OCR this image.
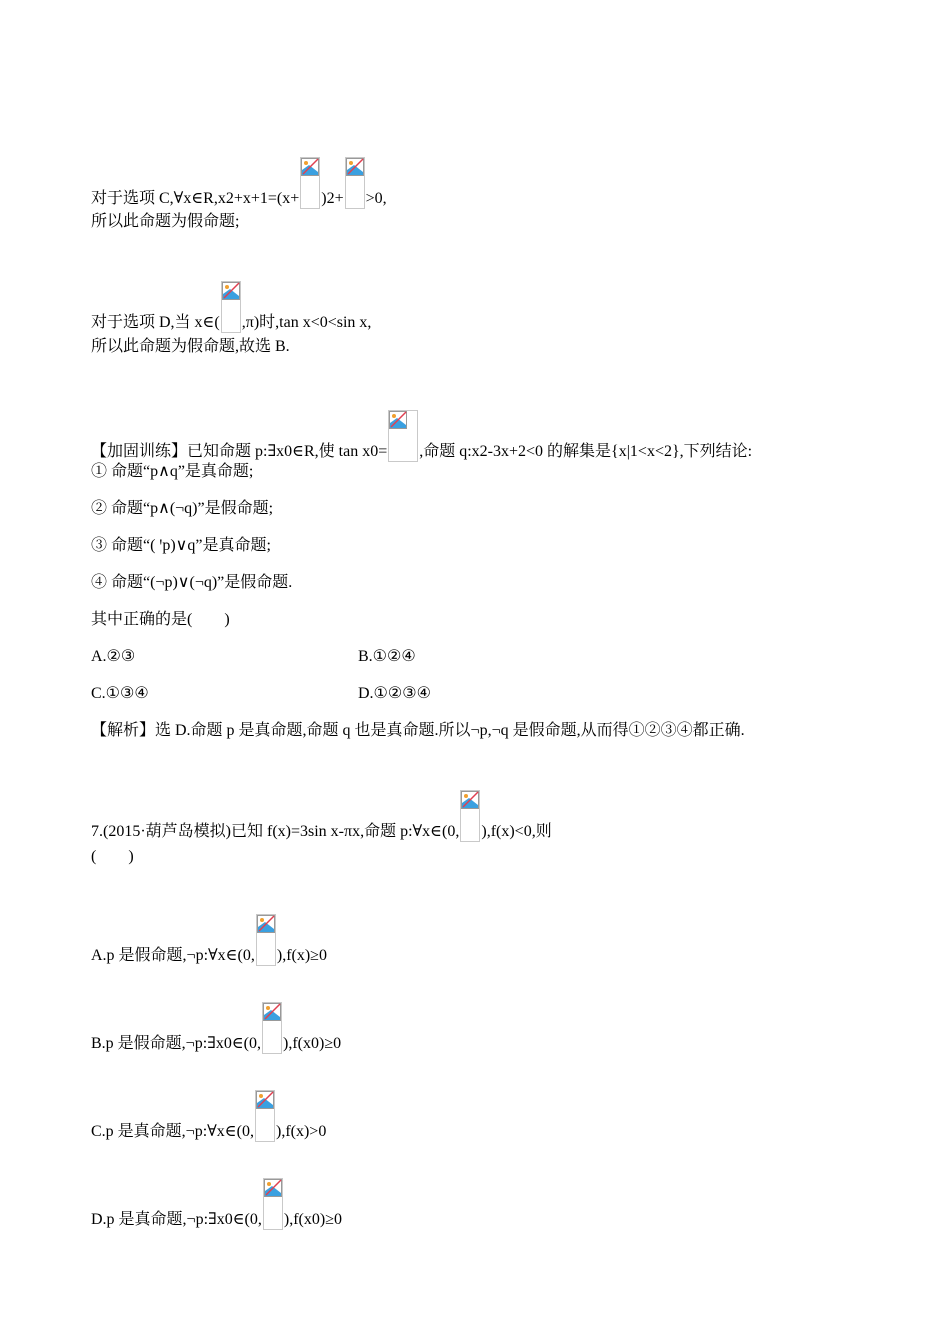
对于选项 C,∀x∈R,x2+x+1=(x+ )2+ >0,
所以此命题为假命题;
对于选项 D,当 x∈( ,π)时,tan x<0<sin x,
所以此命题为假命题,故选 B.
【加固训练】已知命题 p:∃x0∈R,使 tan x0= ,命题 q:x2-3x+2<0 的解集是{x|1<x<2},下列结论:
① 命题“p∧q”是真命题;
② 命题“p∧(¬q)”是假命题;
③ 命题“( ꞌp)∨q”是真命题;
④ 命题“(¬p)∨(¬q)”是假命题.
其中正确的是(　　)
A.②③	B.①②④
C.①③④	D.①②③④
【解析】选 D.命题 p 是真命题,命题 q 也是真命题.所以¬p,¬q 是假命题,从而得①②③④都正确.
7.(2015·葫芦岛模拟)已知 f(x)=3sin x-πx,命题 p:∀x∈(0, ),f(x)<0,则
(　　)
A.p 是假命题,¬p:∀x∈(0, ),f(x)≥0
B.p 是假命题,¬p:∃x0∈(0, ),f(x0)≥0
C.p 是真命题,¬p:∀x∈(0, ),f(x)>0
D.p 是真命题,¬p:∃x0∈(0, ),f(x0)≥0
